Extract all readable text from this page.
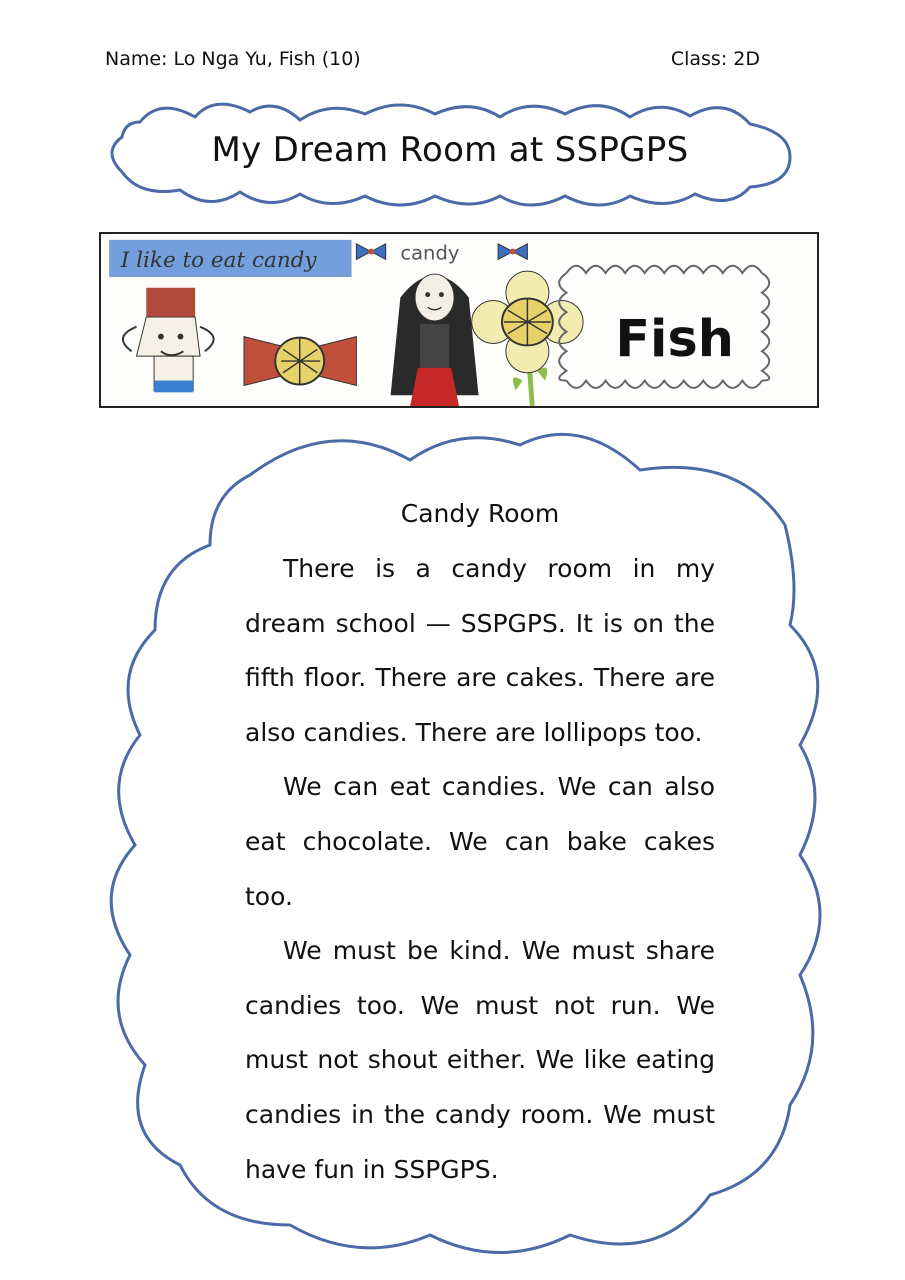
Name: Lo Nga Yu, Fish (10)	Class: 2D
My Dream Room at SSPGPS
I like to eat candy	candy
Fish
Candy Room

There is a candy room in my dream school — SSPGPS. It is on the fifth floor. There are cakes. There are also candies. There are lollipops too.

We can eat candies. We can also eat chocolate. We can bake cakes too.

We must be kind. We must share candies too. We must not run. We must not shout either. We like eating candies in the candy room. We must have fun in SSPGPS.
